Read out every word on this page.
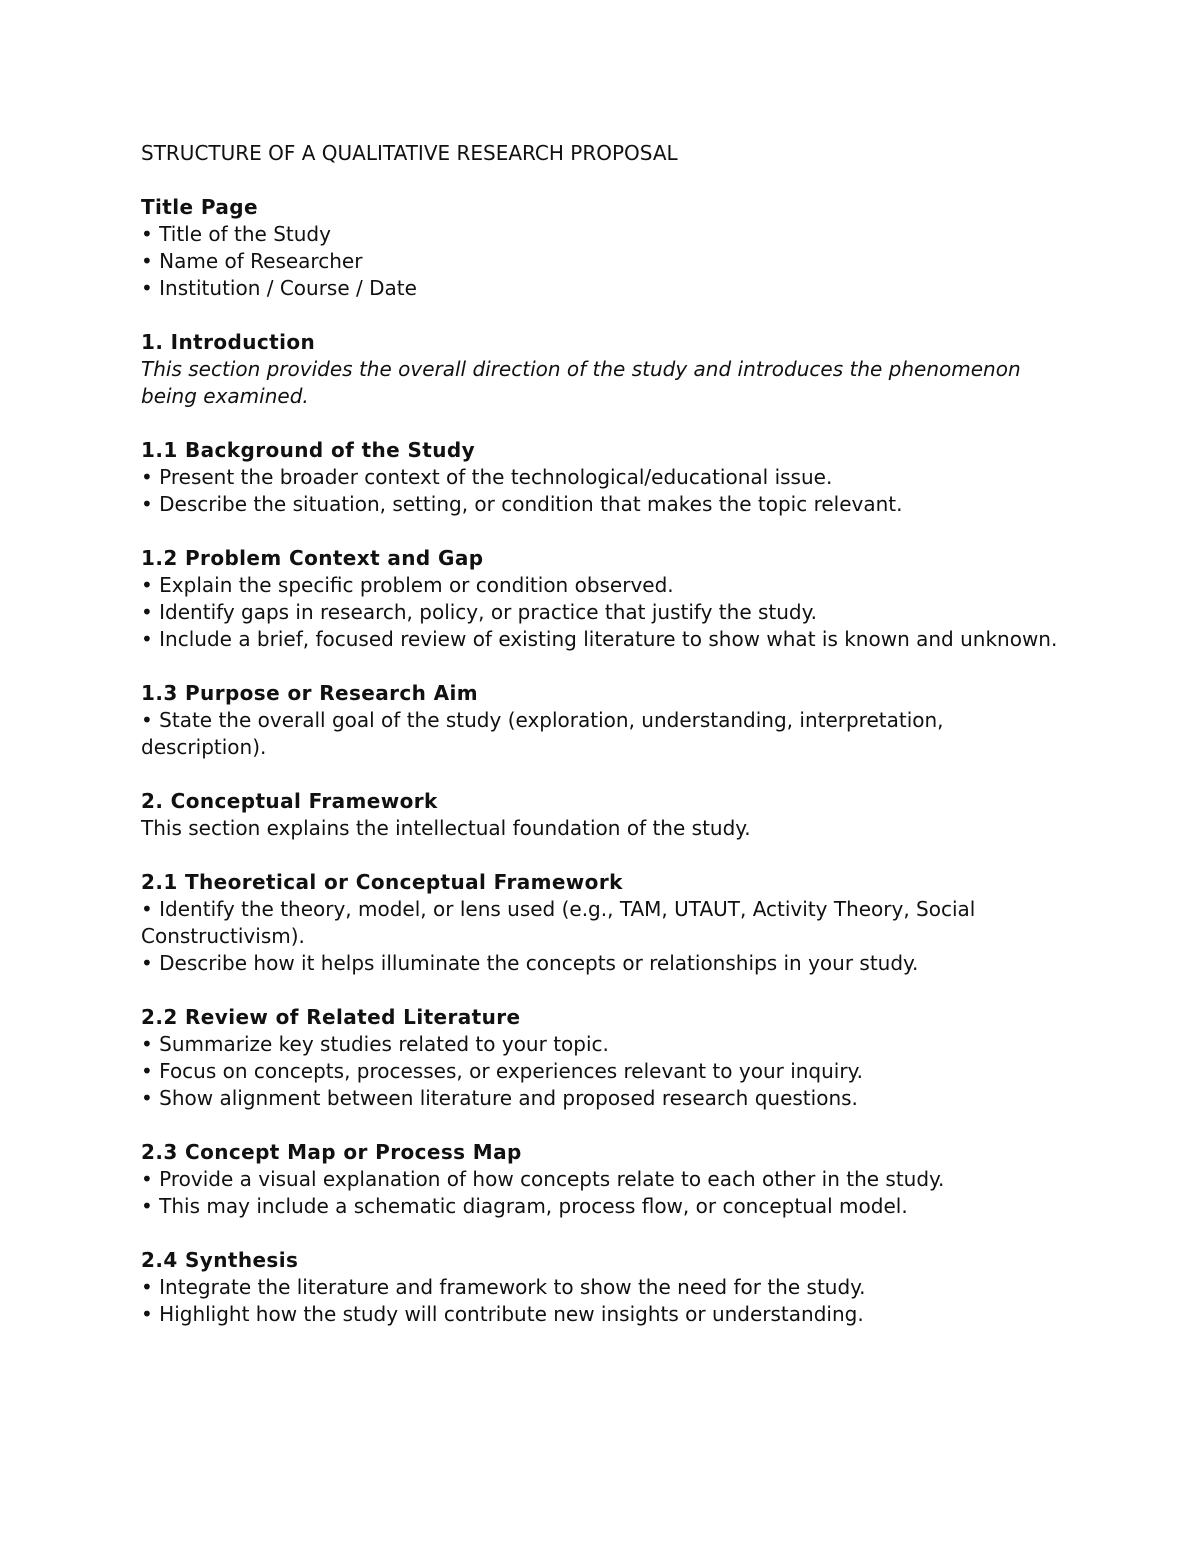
STRUCTURE OF A QUALITATIVE RESEARCH PROPOSAL
Title Page
• Title of the Study
• Name of Researcher
• Institution / Course / Date
1. Introduction

This section provides the overall direction of the study and introduces the phenomenon being examined.

1.1 Background of the Study
• Present the broader context of the technological/educational issue.
• Describe the situation, setting, or condition that makes the topic relevant.
1.2 Problem Context and Gap
• Explain the specific problem or condition observed.
• Identify gaps in research, policy, or practice that justify the study.
• Include a brief, focused review of existing literature to show what is known and unknown.
1.3 Purpose or Research Aim
• State the overall goal of the study (exploration, understanding, interpretation, description).
2. Conceptual Framework

This section explains the intellectual foundation of the study.

2.1 Theoretical or Conceptual Framework
• Identify the theory, model, or lens used (e.g., TAM, UTAUT, Activity Theory, Social Constructivism).
• Describe how it helps illuminate the concepts or relationships in your study.
2.2 Review of Related Literature
• Summarize key studies related to your topic.
• Focus on concepts, processes, or experiences relevant to your inquiry.
• Show alignment between literature and proposed research questions.
2.3 Concept Map or Process Map
• Provide a visual explanation of how concepts relate to each other in the study.
• This may include a schematic diagram, process flow, or conceptual model.
2.4 Synthesis
• Integrate the literature and framework to show the need for the study.
• Highlight how the study will contribute new insights or understanding.
